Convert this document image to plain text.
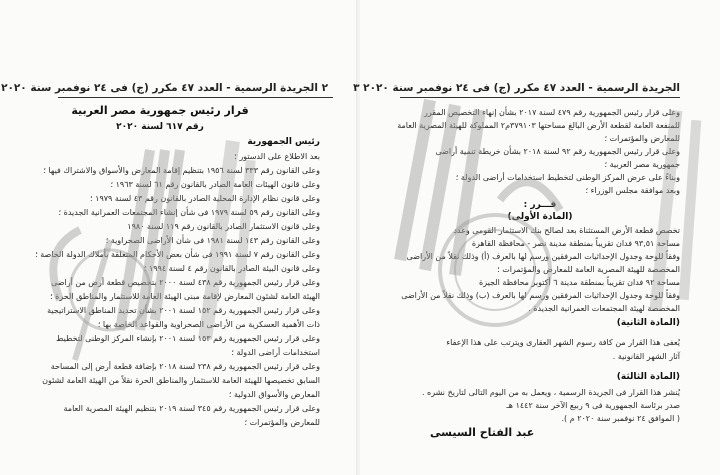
٢ الجريدة الرسمية - العدد ٤٧ مكرر (ج) فى ٢٤ نوفمبر سنة ٢٠٢٠
قرار رئيس جمهورية مصر العربية
رقم ٦١٧ لسنة ٢٠٢٠
رئيس الجمهورية
بعد الاطلاع على الدستور ؛
وعلى القانون رقم ٣٣٣ لسنة ١٩٥٦ بتنظيم إقامة المعارض والأسواق والاشتراك فيها ؛
وعلى قانون الهيئات العامة الصادر بالقانون رقم ٦١ لسنة ١٩٦٣ ؛
وعلى قانون نظام الإدارة المحلية الصادر بالقانون رقم ٤٣ لسنة ١٩٧٩ ؛
وعلى القانون رقم ٥٩ لسنة ١٩٧٩ فى شأن إنشاء المجتمعات العمرانية الجديدة ؛
وعلى قانون الاستثمار الصادر بالقانون رقم ١١٩ لسنة ١٩٨٠
وعلى القانون رقم ١٤٣ لسنة ١٩٨١ فى شأن الأراضى الصحراوية ؛
وعلى القانون رقم ٧ لسنة ١٩٩١ فى شأن بعض الأحكام المتعلقة بأملاك الدولة الخاصة ؛
وعلى قانون البيئة الصادر بالقانون رقم ٤ لسنة ١٩٩٤ ؛
وعلى قرار رئيس الجمهورية رقم ٤٣٨ لسنة ٢٠٠٠ بتخصيص قطعة أرض من أراضى
الهيئة العامة لشئون المعارض لإقامة مبنى الهيئة العامة للاستثمار والمناطق الحرة ؛
وعلى قرار رئيس الجمهورية رقم ١٥٢ لسنة ٢٠٠١ بشأن تحديد المناطق الاستراتيجية
ذات الأهمية العسكرية من الأراضى الصحراوية والقواعد الخاصة بها ؛
وعلى قرار رئيس الجمهورية رقم ١٥٣ لسنة ٢٠٠١ بإنشاء المركز الوطنى لتخطيط
استخدامات أراضى الدولة ؛
وعلى قرار رئيس الجمهورية رقم ٢٣٨ لسنة ٢٠١٨ بإضافة قطعة أرض إلى المساحة
السابق تخصيصها للهيئة العامة للاستثمار والمناطق الحرة نقلاً من الهيئة العامة لشئون
المعارض والأسواق الدولية ؛
وعلى قرار رئيس الجمهورية رقم ٣٤٥ لسنة ٢٠١٩ بتنظيم الهيئة المصرية العامة
للمعارض والمؤتمرات ؛
الجريدة الرسمية - العدد ٤٧ مكرر (ج) فى ٢٤ نوفمبر سنة ٢٠٢٠ ٣
وعلى قرار رئيس الجمهورية رقم ٤٧٩ لسنة ٢٠١٧ بشأن إنهاء التخصيص المقرر
للمنفعة العامة لقطعة الأرض البالغ مساحتها ٣٧٩١٠٣م٢ المملوكة للهيئة المصرية العامة
للمعارض والمؤتمرات ؛
وعلى قرار رئيس الجمهورية رقم ٩٢ لسنة ٢٠١٨ بشأن خريطة تنمية أراضى
جمهورية مصر العربية ؛
وبناءً على عرض المركز الوطنى لتخطيط استخدامات أراضى الدولة ؛
وبعد موافقة مجلس الوزراء ؛
قـــرر :
(المادة الأولى)
تخصص قطعة الأرض المستثناة بعد لصالح بنك الاستثمار القومى وعدد
مساحة ٩٣,٥١ فدان تقريباً بمنطقة مدينة نصر - محافظة القاهرة
وفقاً للوحة وجدول الإحداثيات المرفقين ورسم لها بالعرف (أ) وذلك نقلاً من الأراضى
المخصصة للهيئة المصرية العامة للمعارض والمؤتمرات ؛
مساحة ٩٢ فدان تقريباً بمنطقة مدينة ٦ أكتوبر محافظة الجيزة
وفقاً للوحة وجدول الإحداثيات المرفقين ورسم لها بالعرف (ب) وذلك نقلاً من الأراضى
المخصصة لهيئة المجتمعات العمرانية الجديدة .
(المادة الثانية)
يُعفى هذا القرار من كافة رسوم الشهر العقارى ويترتب على هذا الإعفاء
آثار الشهر القانونية .
(المادة الثالثة)
يُنشر هذا القرار فى الجريدة الرسمية ، ويعمل به من اليوم التالى لتاريخ نشره .
صدر برئاسة الجمهورية فى ٩ ربيع الآخر سنة ١٤٤٢ هـ
( الموافق ٢٤ نوفمبر سنة ٢٠٢٠ م ).
عبد الفتاح السيسى
